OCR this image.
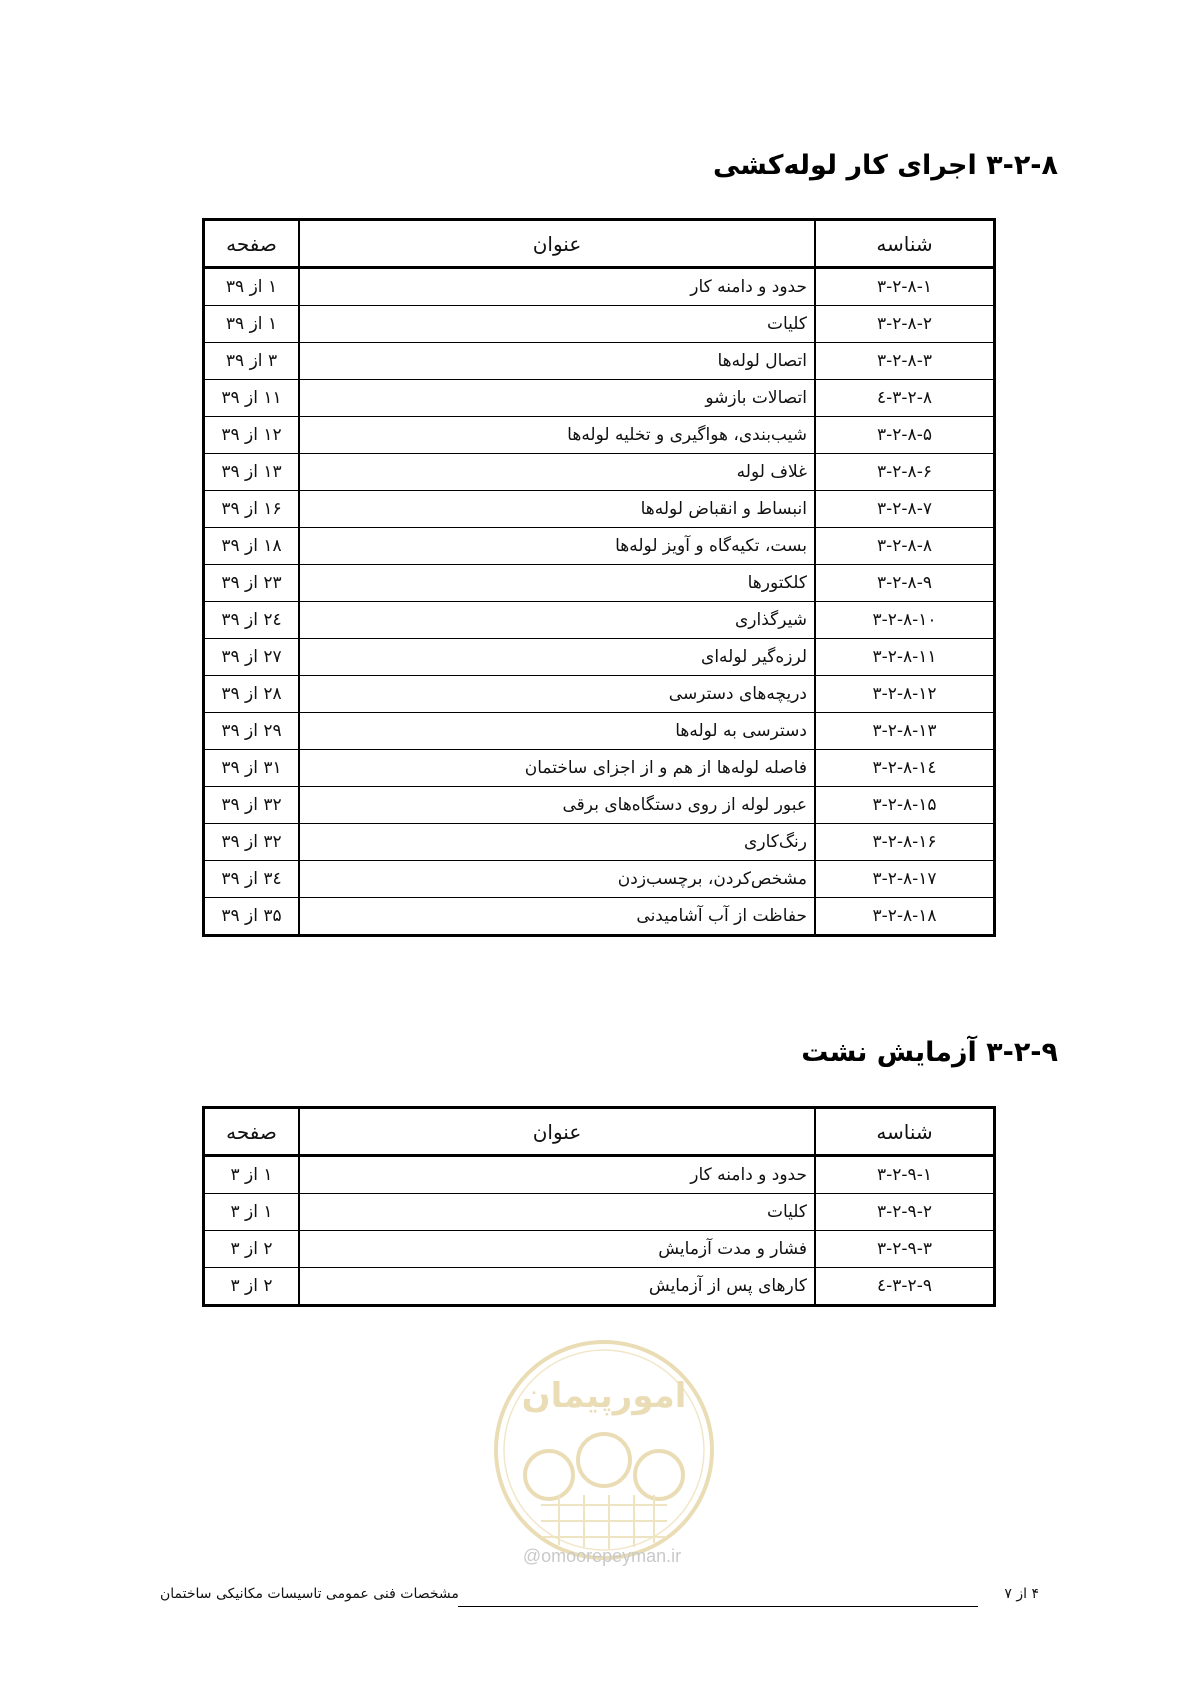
۳-۲-۸ اجرای کار لوله‌کشی
شناسه	عنوان	صفحه
۳-۲-۸-۱	حدود و دامنه کار	۱ از ۳۹
۳-۲-۸-۲	کلیات	۱ از ۳۹
۳-۲-۸-۳	اتصال لوله‌ها	۳ از ۳۹
۳-۲-۸-٤	اتصالات بازشو	۱۱ از ۳۹
۳-۲-۸-۵	شیب‌بندی، هواگیری و تخلیه لوله‌ها	۱۲ از ۳۹
۳-۲-۸-۶	غلاف لوله	۱۳ از ۳۹
۳-۲-۸-۷	انبساط و انقباض لوله‌ها	۱۶ از ۳۹
۳-۲-۸-۸	بست، تکیه‌گاه و آویز لوله‌ها	۱۸ از ۳۹
۳-۲-۸-۹	کلکتورها	۲۳ از ۳۹
۳-۲-۸-۱۰	شیرگذاری	۲٤ از ۳۹
۳-۲-۸-۱۱	لرزه‌گیر لوله‌ای	۲۷ از ۳۹
۳-۲-۸-۱۲	دریچه‌های دسترسی	۲۸ از ۳۹
۳-۲-۸-۱۳	دسترسی به لوله‌ها	۲۹ از ۳۹
۳-۲-۸-۱٤	فاصله لوله‌ها از هم و از اجزای ساختمان	۳۱ از ۳۹
۳-۲-۸-۱۵	عبور لوله از روی دستگاه‌های برقی	۳۲ از ۳۹
۳-۲-۸-۱۶	رنگ‌کاری	۳۲ از ۳۹
۳-۲-۸-۱۷	مشخص‌کردن، برچسب‌زدن	۳٤ از ۳۹
۳-۲-۸-۱۸	حفاظت از آب آشامیدنی	۳۵ از ۳۹
۳-۲-۹ آزمایش نشت
شناسه	عنوان	صفحه
۳-۲-۹-۱	حدود و دامنه کار	۱ از ۳
۳-۲-۹-۲	کلیات	۱ از ۳
۳-۲-۹-۳	فشار و مدت آزمایش	۲ از ۳
۳-۲-۹-٤	کارهای پس از آزمایش	۲ از ۳
امورپیمان
@omoorepeyman.ir
مشخصات فنی عمومی تاسیسات مکانیکی ساختمان	۴ از ۷
